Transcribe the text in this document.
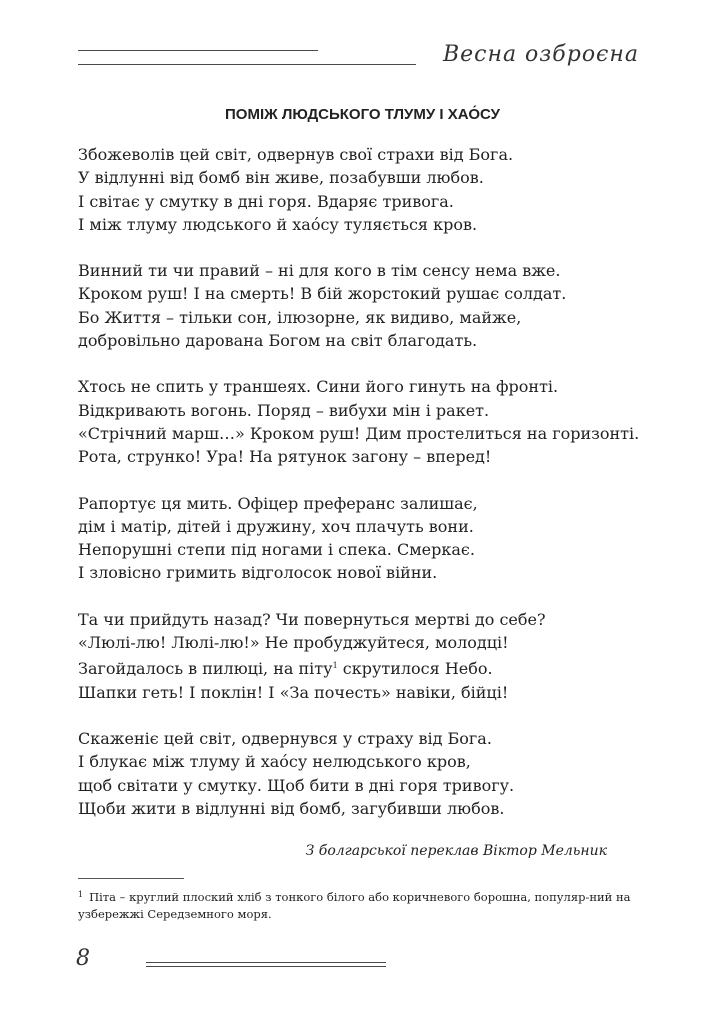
Весна озброєна
ПОМІЖ ЛЮДСЬКОГО ТЛУМУ І ХАО́СУ
Збожеволів цей світ, одвернув свої страхи від Бога.
У відлунні від бомб він живе, позабувши любов.
І світає у смутку в дні горя. Вдаряє тривога.
І між тлуму людського й хао́су туляється кров.
Винний ти чи правий – ні для кого в тім сенсу нема вже.
Кроком руш! І на смерть! В бій жорстокий рушає солдат.
Бо Життя – тільки сон, ілюзорне, як видиво, майже,
добровільно дарована Богом на світ благодать.
Хтось не спить у траншеях. Сини його гинуть на фронті.
Відкривають вогонь. Поряд – вибухи мін і ракет.
«Стрічний марш…» Кроком руш! Дим простелиться на горизонті.
Рота, струнко! Ура! На рятунок загону – вперед!
Рапортує ця мить. Офіцер преферанс залишає,
дім і матір, дітей і дружину, хоч плачуть вони.
Непорушні степи під ногами і спека. Смеркає.
І зловісно гримить відголосок нової війни.
Та чи прийдуть назад? Чи повернуться мертві до себе?
«Люлі-лю! Люлі-лю!» Не пробуджуйтеся, молодці!
Загойдалось в пилюці, на піту$^1$ скрутилося Небо.
Шапки геть! І поклін! І «За почесть» навіки, бійці!
Скаженіє цей світ, одвернувся у страху від Бога.
І блукає між тлуму й хао́су нелюдського кров,
щоб світати у смутку. Щоб бити в дні горя тривогу.
Щоби жити в відлунні від бомб, загубивши любов.
З болгарської переклав Віктор Мельник
$^1$ Піта – круглий плоский хліб з тонкого білого або коричневого борошна, популяр-ний на узбережжі Середземного моря.
8
